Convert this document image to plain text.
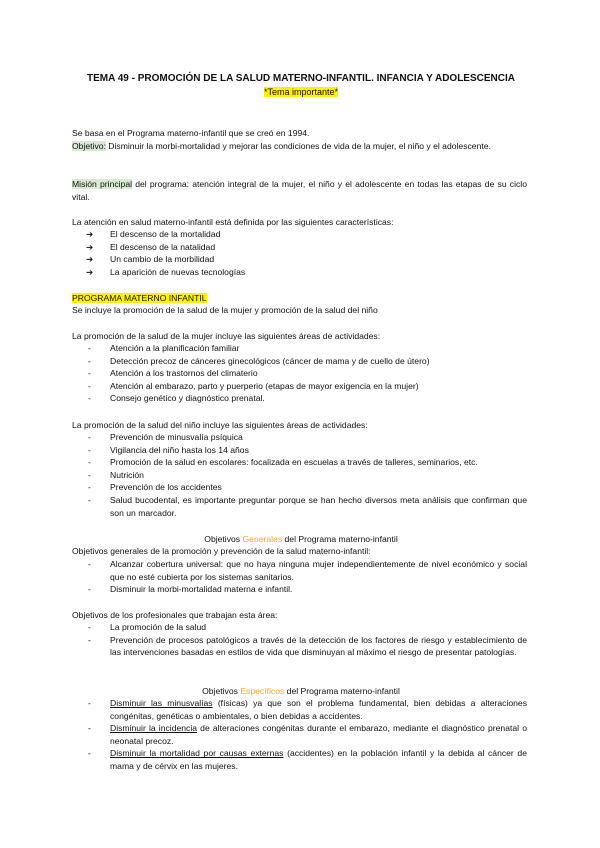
TEMA 49 - PROMOCIÓN DE LA SALUD MATERNO-INFANTIL. INFANCIA Y ADOLESCENCIA
*Tema importante*
Se basa en el Programa materno-infantil que se creó en 1994.
Objetivo: Disminuir la morbi-mortalidad y mejorar las condiciones de vida de la mujer, el niño y el adolescente.
Misión principal del programa: atención integral de la mujer, el niño y el adolescente en todas las etapas de su ciclo vital.
La atención en salud materno-infantil está definida por las siguientes características:
➔ El descenso de la mortalidad
➔ El descenso de la natalidad
➔ Un cambio de la morbilidad
➔ La aparición de nuevas tecnologías
PROGRAMA MATERNO INFANTIL
Se incluye la promoción de la salud de la mujer y promoción de la salud del niño
La promoción de la salud de la mujer incluye las siguientes áreas de actividades:
- Atención a la planificación familiar
- Detección precoz de cánceres ginecológicos (cáncer de mama y de cuello de útero)
- Atención a los trastornos del climaterio
- Atención al embarazo, parto y puerperio (etapas de mayor exigencia en la mujer)
- Consejo genético y diagnóstico prenatal.
La promoción de la salud del niño incluye las siguientes áreas de actividades:
- Prevención de minusvalía psíquica
- Vigilancia del niño hasta los 14 años
- Promoción de la salud en escolares: focalizada en escuelas a través de talleres, seminarios, etc.
- Nutrición
- Prevención de los accidentes
- Salud bucodental, es importante preguntar porque se han hecho diversos meta análisis que confirman que son un marcador.
Objetivos Generales del Programa materno-infantil
Objetivos generales de la promoción y prevención de la salud materno-infantil:
- Alcanzar cobertura universal: que no haya ninguna mujer independientemente de nivel económico y social que no esté cubierta por los sistemas sanitarios.
- Disminuir la morbi-mortalidad materna e infantil.
Objetivos de los profesionales que trabajan esta área:
- La promoción de la salud
- Prevención de procesos patológicos a través de la detección de los factores de riesgo y establecimiento de las intervenciones basadas en estilos de vida que disminuyan al máximo el riesgo de presentar patologías.
Objetivos Específicos del Programa materno-infantil
- Disminuir las minusvalías (físicas) ya que son el problema fundamental, bien debidas a alteraciones congénitas, genéticas o ambientales, o bien debidas a accidentes.
- Disminuir la incidencia de alteraciones congénitas durante el embarazo, mediante el diagnóstico prenatal o neonatal precoz.
- Disminuir la mortalidad por causas externas (accidentes) en la población infantil y la debida al cáncer de mama y de cérvix en las mujeres.
